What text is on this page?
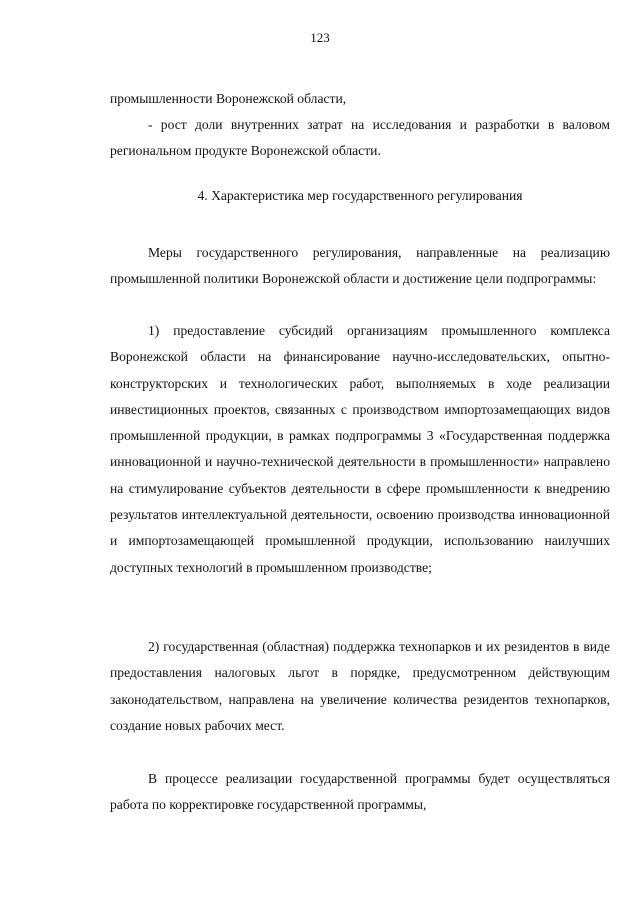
123

промышленности Воронежской области,

- рост доли внутренних затрат на исследования и разработки в валовом региональном продукте Воронежской области.

4. Характеристика мер государственного регулирования

Меры государственного регулирования, направленные на реализацию промышленной политики Воронежской области и достижение цели подпрограммы:

1) предоставление субсидий организациям промышленного комплекса Воронежской области на финансирование научно-исследовательских, опытно-конструкторских и технологических работ, выполняемых в ходе реализации инвестиционных проектов, связанных с производством импортозамещающих видов промышленной продукции, в рамках подпрограммы 3 «Государственная поддержка инновационной и научно-технической деятельности в промышленности» направлено на стимулирование субъектов деятельности в сфере промышленности к внедрению результатов интеллектуальной деятельности, освоению производства инновационной и импортозамещающей промышленной продукции, использованию наилучших доступных технологий в промышленном производстве;

2) государственная (областная) поддержка технопарков и их резидентов в виде предоставления налоговых льгот в порядке, предусмотренном действующим законодательством, направлена на увеличение количества резидентов технопарков, создание новых рабочих мест.

В процессе реализации государственной программы будет осуществляться работа по корректировке государственной программы,
